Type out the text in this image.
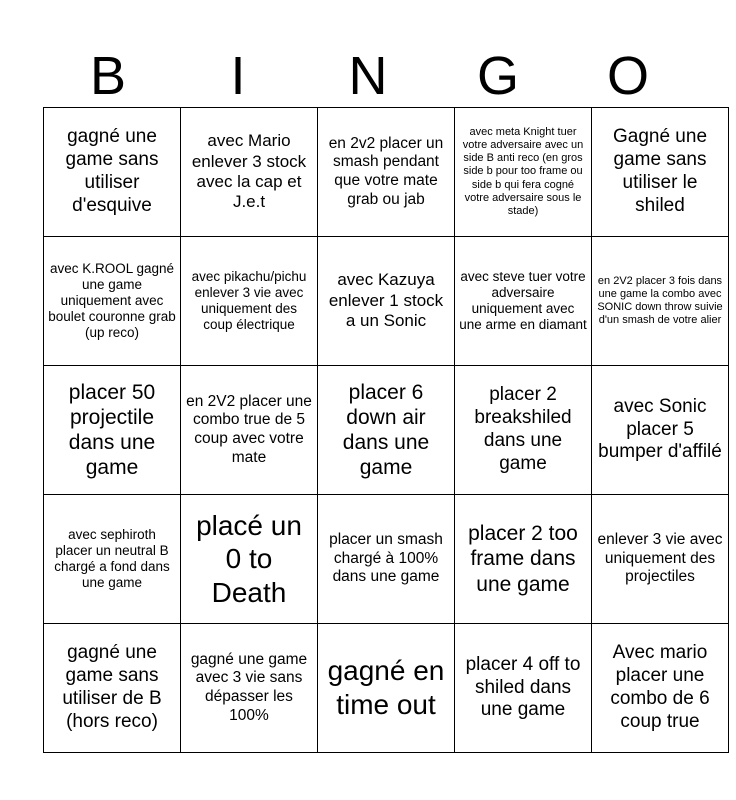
B	I	N	G	O
gagné une game sans utiliser d'esquive	avec Mario enlever 3 stock avec la cap et J.e.t	en 2v2 placer un smash pendant que votre mate grab ou jab	avec meta Knight tuer votre adversaire avec un side B anti reco (en gros side b pour too frame ou side b qui fera cogné votre adversaire sous le stade)	Gagné une game sans utiliser le shiled
avec K.ROOL gagné une game uniquement avec boulet couronne grab (up reco)	avec pikachu/pichu enlever 3 vie avec uniquement des coup électrique	avec Kazuya enlever 1 stock a un Sonic	avec steve tuer votre adversaire uniquement avec une arme en diamant	en 2V2 placer 3 fois dans une game la combo avec SONIC down throw suivie d'un smash de votre alier
placer 50 projectile dans une game	en 2V2 placer une combo true de 5 coup avec votre mate	placer 6 down air dans une game	placer 2 breakshiled dans une game	avec Sonic placer 5 bumper d'affilé
avec sephiroth placer un neutral B chargé a fond dans une game	placé un 0 to Death	placer un smash chargé à 100% dans une game	placer 2 too frame dans une game	enlever 3 vie avec uniquement des projectiles
gagné une game sans utiliser de B (hors reco)	gagné une game avec 3 vie sans dépasser les 100%	gagné en time out	placer 4 off to shiled dans une game	Avec mario placer une combo de 6 coup true
